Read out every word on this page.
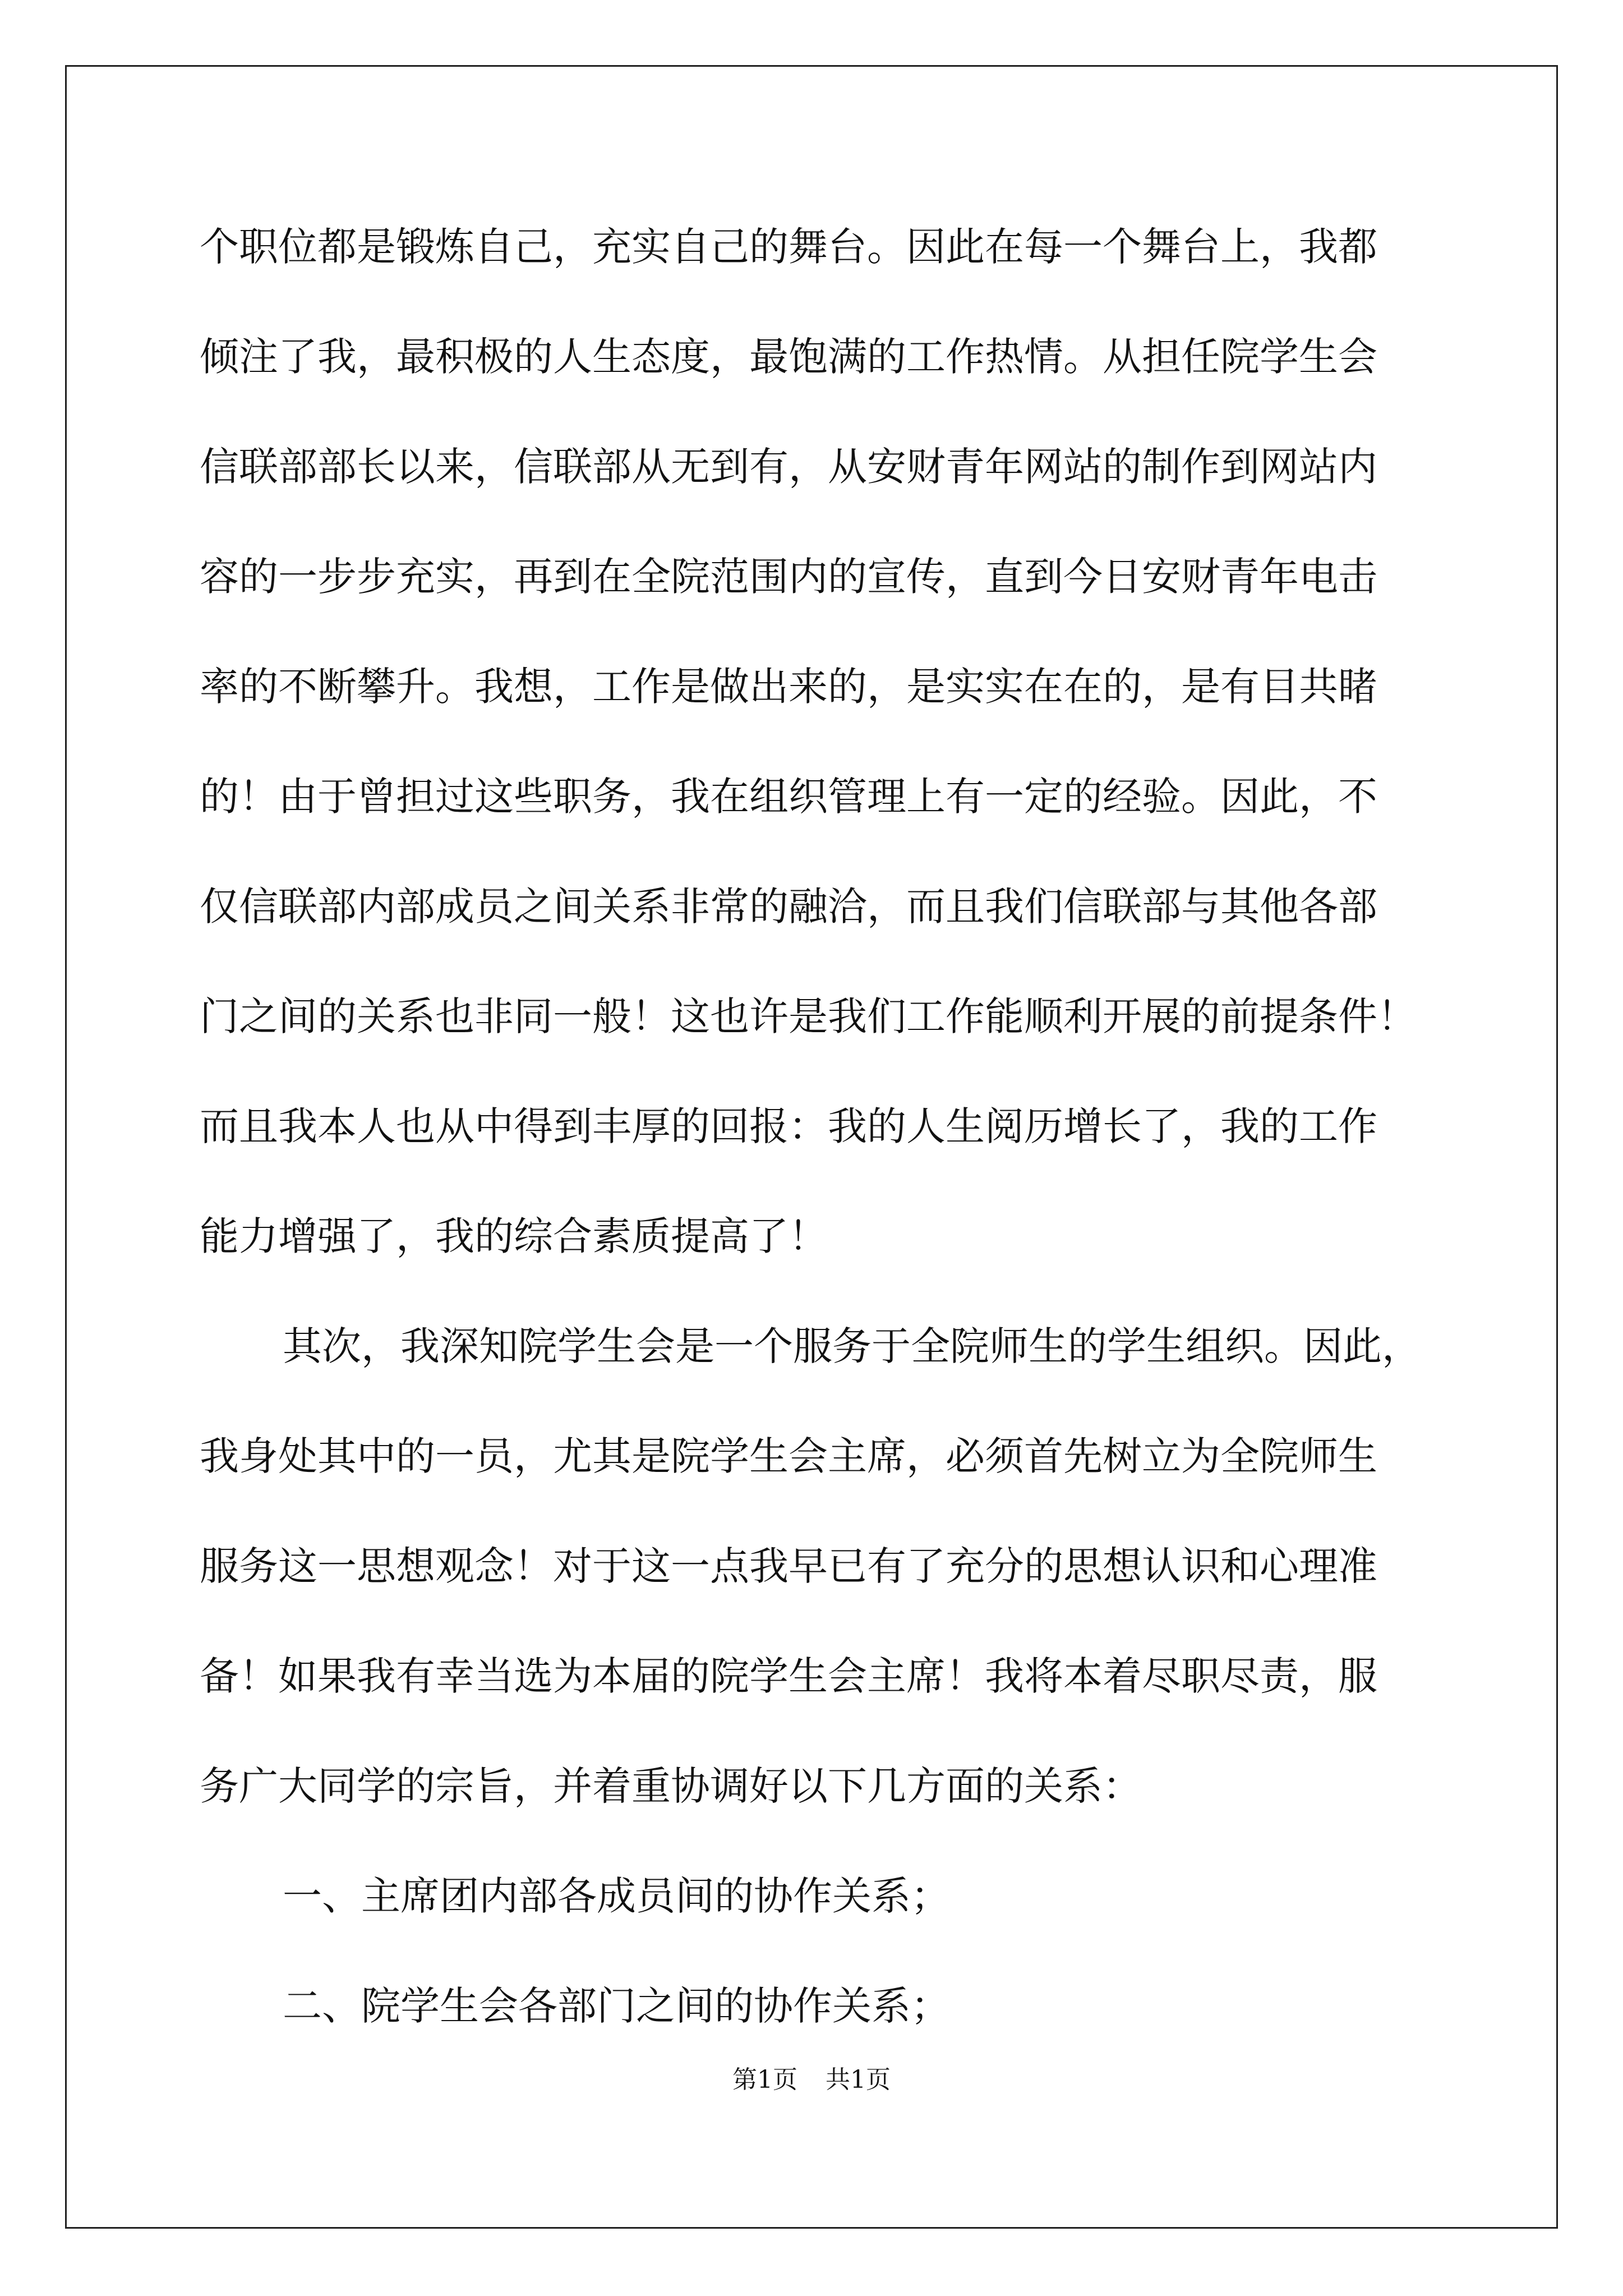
个职位都是锻炼自己，充实自己的舞台。因此在每一个舞台上，我都
倾注了我，最积极的人生态度，最饱满的工作热情。从担任院学生会
信联部部长以来，信联部从无到有，从安财青年网站的制作到网站内
容的一步步充实，再到在全院范围内的宣传，直到今日安财青年电击
率的不断攀升。我想，工作是做出来的，是实实在在的，是有目共睹
的！由于曾担过这些职务，我在组织管理上有一定的经验。因此，不
仅信联部内部成员之间关系非常的融洽，而且我们信联部与其他各部
门之间的关系也非同一般！这也许是我们工作能顺利开展的前提条件！
而且我本人也从中得到丰厚的回报：我的人生阅历增长了，我的工作
能力增强了，我的综合素质提高了！
其次，我深知院学生会是一个服务于全院师生的学生组织。因此，
我身处其中的一员，尤其是院学生会主席，必须首先树立为全院师生
服务这一思想观念！对于这一点我早已有了充分的思想认识和心理准
备！如果我有幸当选为本届的院学生会主席！我将本着尽职尽责，服
务广大同学的宗旨，并着重协调好以下几方面的关系：
一、主席团内部各成员间的协作关系；
二、院学生会各部门之间的协作关系；
第1页 共1页
